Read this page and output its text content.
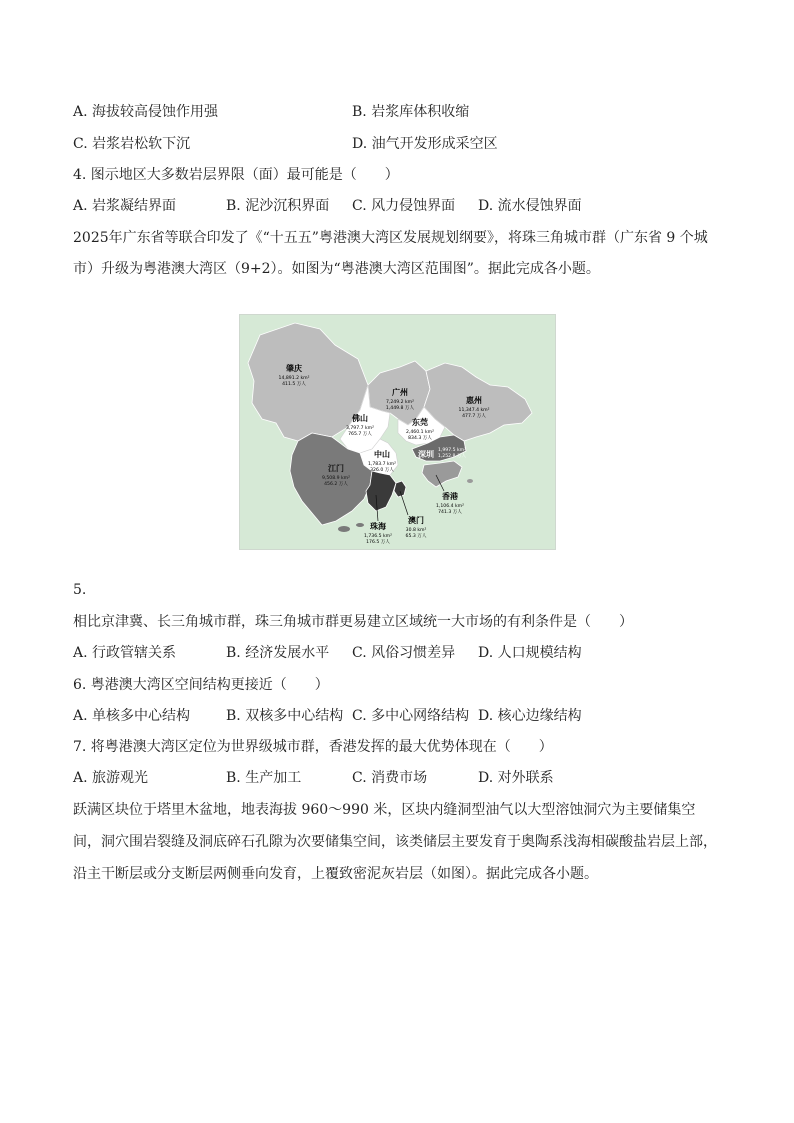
A. 海拔较高侵蚀作用强	B. 岩浆库体积收缩
C. 岩浆岩松软下沉	D. 油气开发形成采空区
4. 图示地区大多数岩层界限（面）最可能是（　　）
A. 岩浆凝结界面	B. 泥沙沉积界面 C. 风力侵蚀界面 D. 流水侵蚀界面
2025年广东省等联合印发了《“十五五”粤港澳大湾区发展规划纲要》，将珠三角城市群（广东省 9 个城
市）升级为粤港澳大湾区（9+2）。如图为“粤港澳大湾区范围图”。据此完成各小题。
肇庆
14,891.2 km²
411.5 万人
广州
7,249.2 km²
1,449.8 万人
惠州
11,347.4 km²
477.7 万人
佛山
3,797.7 km²
765.7 万人
东莞
2,460.1 km²
834.3 万人
深圳 1,997.5 km²
1,252.8 万人
中山
1,783.7 km²
326.0 万人
江门
9,508.9 km²
456.2 万人
香港
1,106.4 km²
741.3 万人
珠海
1,736.5 km²
176.5 万人
澳门
30.8 km²
65.3 万人
5.
相比京津冀、长三角城市群，珠三角城市群更易建立区域统一大市场的有利条件是（　　）
A. 行政管辖关系	B. 经济发展水平 C. 风俗习惯差异 D. 人口规模结构
6. 粤港澳大湾区空间结构更接近（　　）
A. 单核多中心结构	B. 双核多中心结构 C. 多中心网络结构 D. 核心边缘结构
7. 将粤港澳大湾区定位为世界级城市群，香港发挥的最大优势体现在（　　）
A. 旅游观光	B. 生产加工	C. 消费市场	D. 对外联系
跃满区块位于塔里木盆地，地表海拔 960～990 米，区块内缝洞型油气以大型溶蚀洞穴为主要储集空间，洞穴围岩裂缝及洞底碎石孔隙为次要储集空间，该类储层主要发育于奥陶系浅海相碳酸盐岩层上部，沿主干断层或分支断层两侧垂向发育，上覆致密泥灰岩层（如图）。据此完成各小题。
